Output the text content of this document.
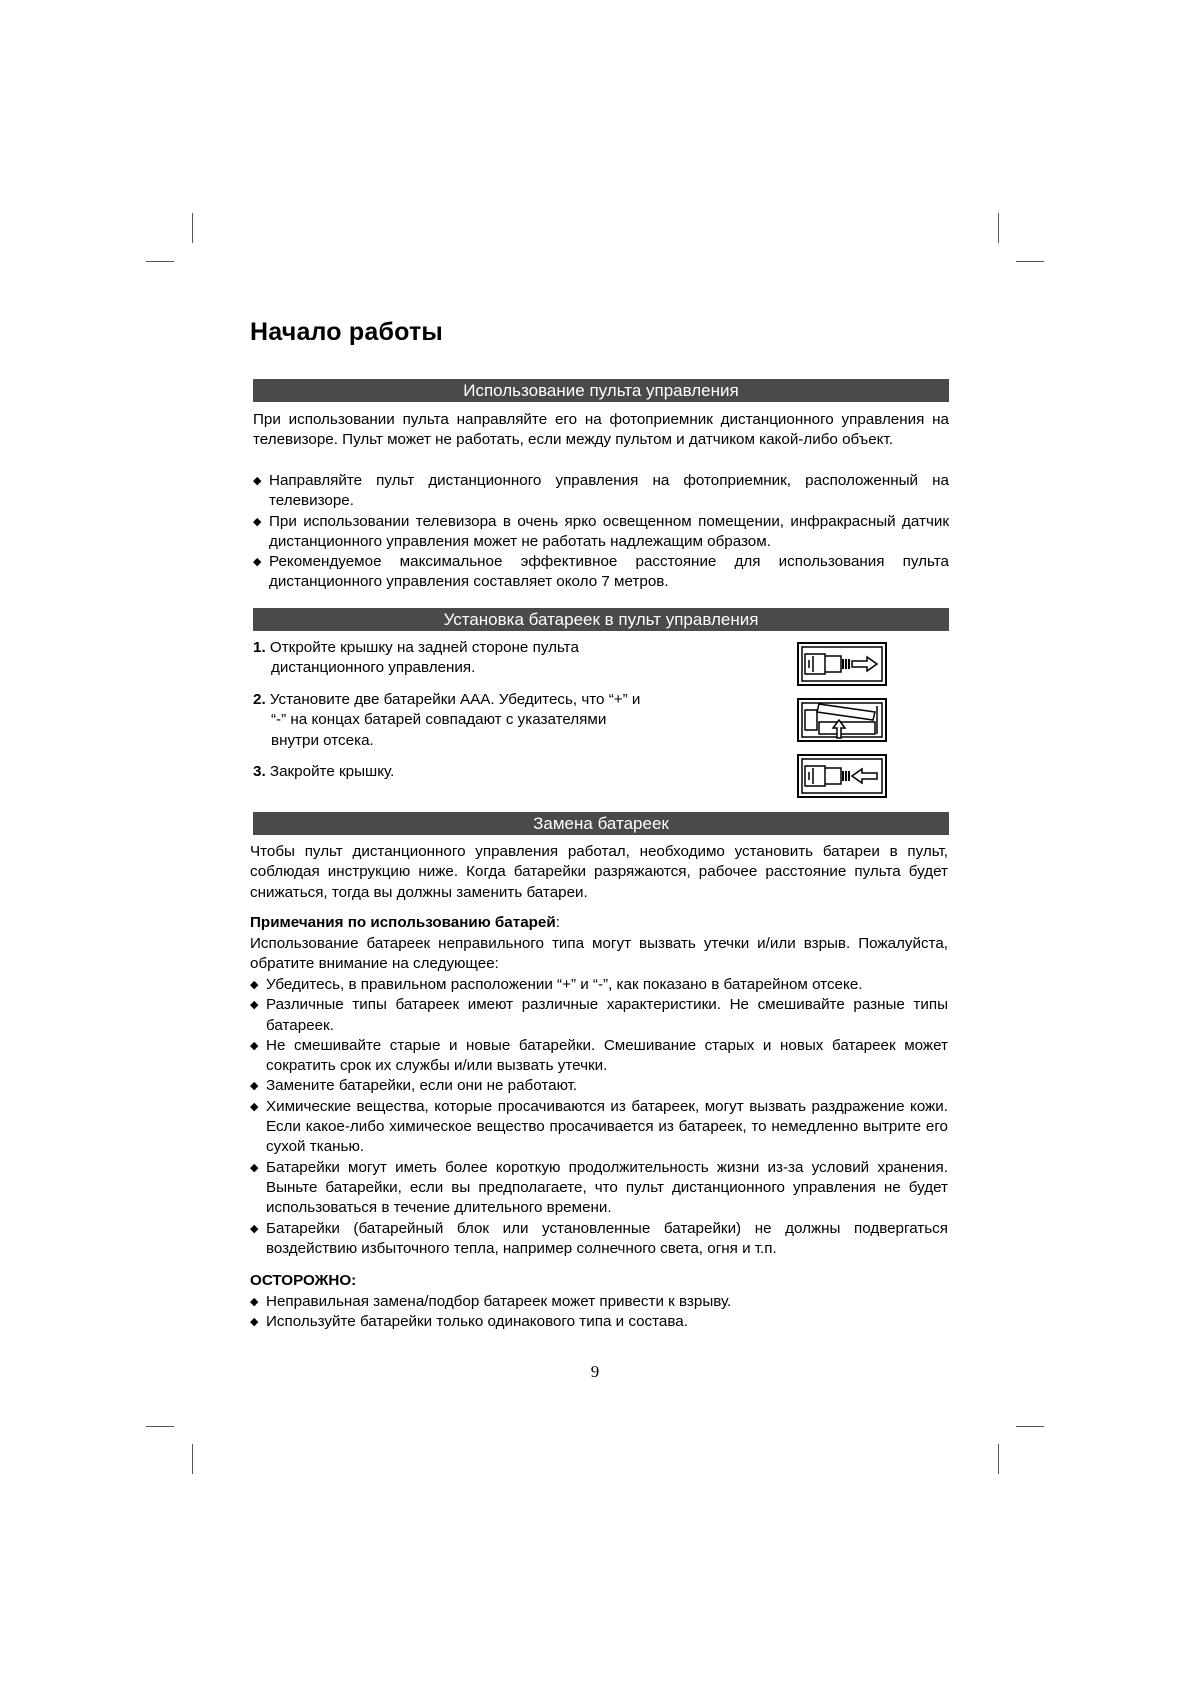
Начало работы
Использование пульта управления

При использовании пульта направляйте его на фотоприемник дистанционного управления на телевизоре. Пульт может не работать, если между пультом и датчиком какой-либо объект.

◆ Направляйте пульт дистанционного управления на фотоприемник, расположенный на телевизоре.
◆ При использовании телевизора в очень ярко освещенном помещении, инфракрасный датчик дистанционного управления может не работать надлежащим образом.
◆ Рекомендуемое максимальное эффективное расстояние для использования пульта дистанционного управления составляет около 7 метров.
Установка батареек в пульт управления
1. Откройте крышку на задней стороне пульта
дистанционного управления.
2. Установите две батарейки ААА. Убедитесь, что “+” и
“-” на концах батарей совпадают с указателями внутри отсека.
3. Закройте крышку.
Замена батареек

Чтобы пульт дистанционного управления работал, необходимо установить батареи в пульт, соблюдая инструкцию ниже. Когда батарейки разряжаются, рабочее расстояние пульта будет снижаться, тогда вы должны заменить батареи.

Примечания по использованию батарей:

Использование батареек неправильного типа могут вызвать утечки и/или взрыв. Пожалуйста, обратите внимание на следующее:

◆ Убедитесь, в правильном расположении “+” и “-”, как показано в батарейном отсеке.
◆ Различные типы батареек имеют различные характеристики. Не смешивайте разные типы батареек.
◆ Не смешивайте старые и новые батарейки. Смешивание старых и новых батареек может сократить срок их службы и/или вызвать утечки.
◆ Замените батарейки, если они не работают.
◆ Химические вещества, которые просачиваются из батареек, могут вызвать раздражение кожи. Если какое-либо химическое вещество просачивается из батареек, то немедленно вытрите его сухой тканью.
◆ Батарейки могут иметь более короткую продолжительность жизни из-за условий хранения. Выньте батарейки, если вы предполагаете, что пульт дистанционного управления не будет использоваться в течение длительного времени.
◆ Батарейки (батарейный блок или установленные батарейки) не должны подвергаться воздействию избыточного тепла, например солнечного света, огня и т.п.
ОСТОРОЖНО:
◆ Неправильная замена/подбор батареек может привести к взрыву.
◆ Используйте батарейки только одинакового типа и состава.
9
